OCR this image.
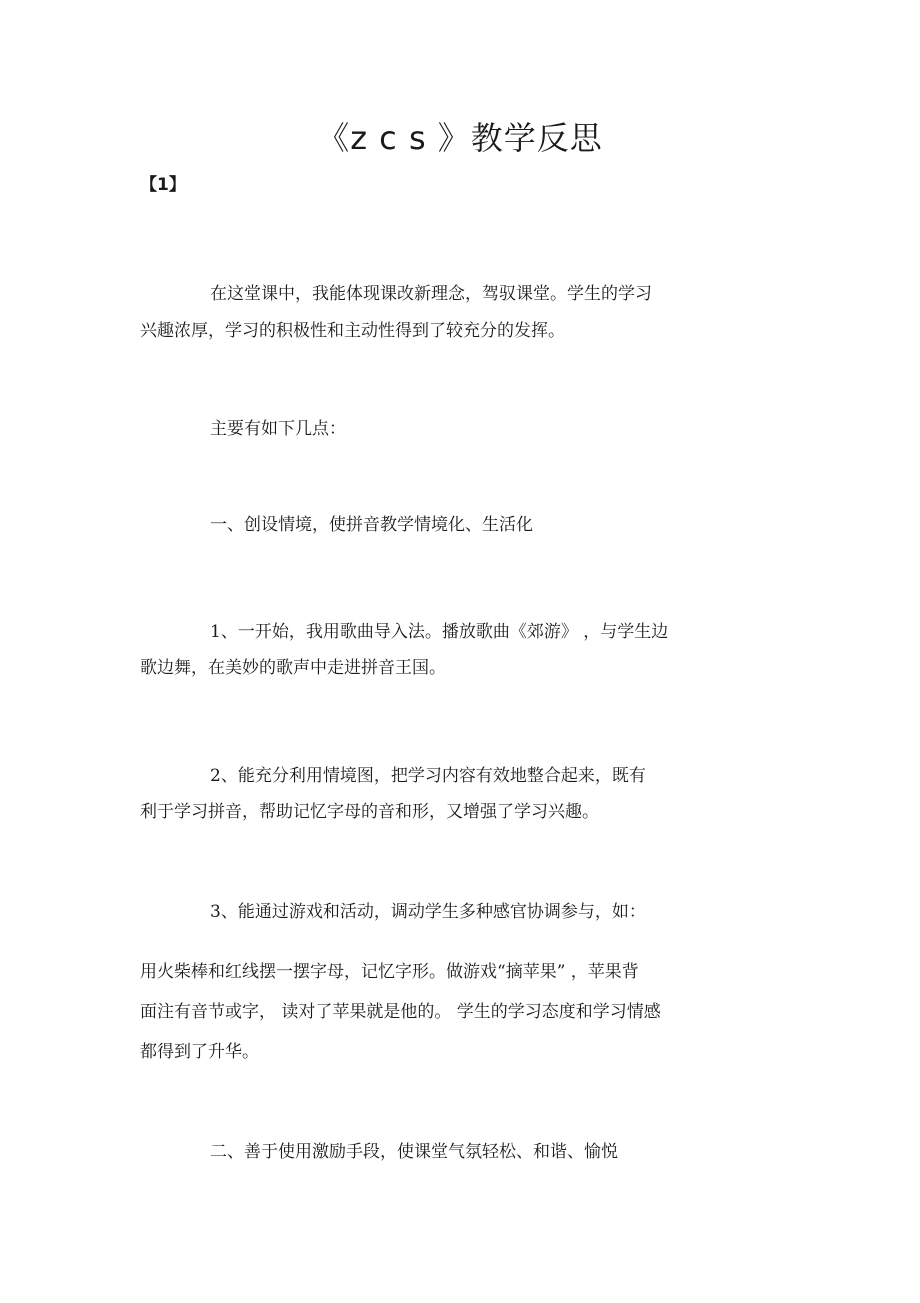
《z c s 》教学反思
【1】
在这堂课中，我能体现课改新理念，驾驭课堂。学生的学习
兴趣浓厚，学习的积极性和主动性得到了较充分的发挥。
主要有如下几点：
一、创设情境，使拼音教学情境化、生活化
1、一开始，我用歌曲导入法。播放歌曲《郊游》 ，与学生边
歌边舞，在美妙的歌声中走进拼音王国。
2、能充分利用情境图，把学习内容有效地整合起来，既有
利于学习拼音，帮助记忆字母的音和形，又增强了学习兴趣。
3、能通过游戏和活动，调动学生多种感官协调参与，如：
用火柴棒和红线摆一摆字母，记忆字形。做游戏“摘苹果” ，苹果背
面注有音节或字， 读对了苹果就是他的。 学生的学习态度和学习情感
都得到了升华。
二、善于使用激励手段，使课堂气氛轻松、和谐、愉悦
